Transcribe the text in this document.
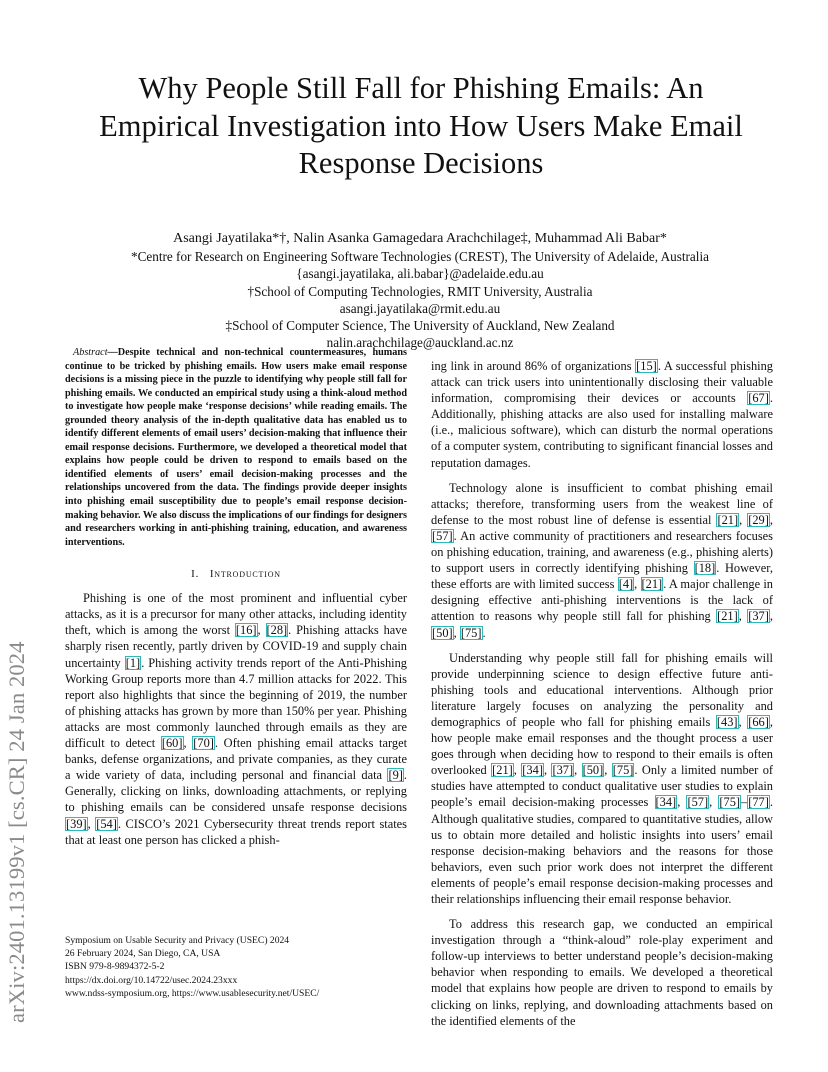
arXiv:2401.13199v1 [cs.CR] 24 Jan 2024
Why People Still Fall for Phishing Emails: An Empirical Investigation into How Users Make Email Response Decisions
Asangi Jayatilaka*†, Nalin Asanka Gamagedara Arachchilage‡, Muhammad Ali Babar*
*Centre for Research on Engineering Software Technologies (CREST), The University of Adelaide, Australia
{asangi.jayatilaka, ali.babar}@adelaide.edu.au
†School of Computing Technologies, RMIT University, Australia
asangi.jayatilaka@rmit.edu.au
‡School of Computer Science, The University of Auckland, New Zealand
nalin.arachchilage@auckland.ac.nz

Abstract—Despite technical and non-technical countermeasures, humans continue to be tricked by phishing emails. How users make email response decisions is a missing piece in the puzzle to identifying why people still fall for phishing emails. We conducted an empirical study using a think-aloud method to investigate how people make ‘response decisions’ while reading emails. The grounded theory analysis of the in-depth qualitative data has enabled us to identify different elements of email users’ decision-making that influence their email response decisions. Furthermore, we developed a theoretical model that explains how people could be driven to respond to emails based on the identified elements of users’ email decision-making processes and the relationships uncovered from the data. The findings provide deeper insights into phishing email susceptibility due to people’s email response decision-making behavior. We also discuss the implications of our findings for designers and researchers working in anti-phishing training, education, and awareness interventions.

I. Introduction

Phishing is one of the most prominent and influential cyber attacks, as it is a precursor for many other attacks, including identity theft, which is among the worst [16], [28]. Phishing attacks have sharply risen recently, partly driven by COVID-19 and supply chain uncertainty [1]. Phishing activity trends report of the Anti-Phishing Working Group reports more than 4.7 million attacks for 2022. This report also highlights that since the beginning of 2019, the number of phishing attacks has grown by more than 150% per year. Phishing attacks are most commonly launched through emails as they are difficult to detect [60], [70]. Often phishing email attacks target banks, defense organizations, and private companies, as they curate a wide variety of data, including personal and financial data [9]. Generally, clicking on links, downloading attachments, or replying to phishing emails can be considered unsafe response decisions [39], [54]. CISCO’s 2021 Cybersecurity threat trends report states that at least one person has clicked a phish-

ing link in around 86% of organizations [15]. A successful phishing attack can trick users into unintentionally disclosing their valuable information, compromising their devices or accounts [67]. Additionally, phishing attacks are also used for installing malware (i.e., malicious software), which can disturb the normal operations of a computer system, contributing to significant financial losses and reputation damages.

Technology alone is insufficient to combat phishing email attacks; therefore, transforming users from the weakest line of defense to the most robust line of defense is essential [21], [29], [57]. An active community of practitioners and researchers focuses on phishing education, training, and awareness (e.g., phishing alerts) to support users in correctly identifying phishing [18]. However, these efforts are with limited success [4], [21]. A major challenge in designing effective anti-phishing interventions is the lack of attention to reasons why people still fall for phishing [21], [37], [50], [75].

Understanding why people still fall for phishing emails will provide underpinning science to design effective future anti-phishing tools and educational interventions. Although prior literature largely focuses on analyzing the personality and demographics of people who fall for phishing emails [43], [66], how people make email responses and the thought process a user goes through when deciding how to respond to their emails is often overlooked [21], [34], [37], [50], [75]. Only a limited number of studies have attempted to conduct qualitative user studies to explain people’s email decision-making processes [34], [57], [75]–[77]. Although qualitative studies, compared to quantitative studies, allow us to obtain more detailed and holistic insights into users’ email response decision-making behaviors and the reasons for those behaviors, even such prior work does not interpret the different elements of people’s email response decision-making processes and their relationships influencing their email response behavior.

To address this research gap, we conducted an empirical investigation through a “think-aloud” role-play experiment and follow-up interviews to better understand people’s decision-making behavior when responding to emails. We developed a theoretical model that explains how people are driven to respond to emails by clicking on links, replying, and downloading attachments based on the identified elements of the

Symposium on Usable Security and Privacy (USEC) 2024
26 February 2024, San Diego, CA, USA
ISBN 979-8-9894372-5-2
https://dx.doi.org/10.14722/usec.2024.23xxx
www.ndss-symposium.org, https://www.usablesecurity.net/USEC/
